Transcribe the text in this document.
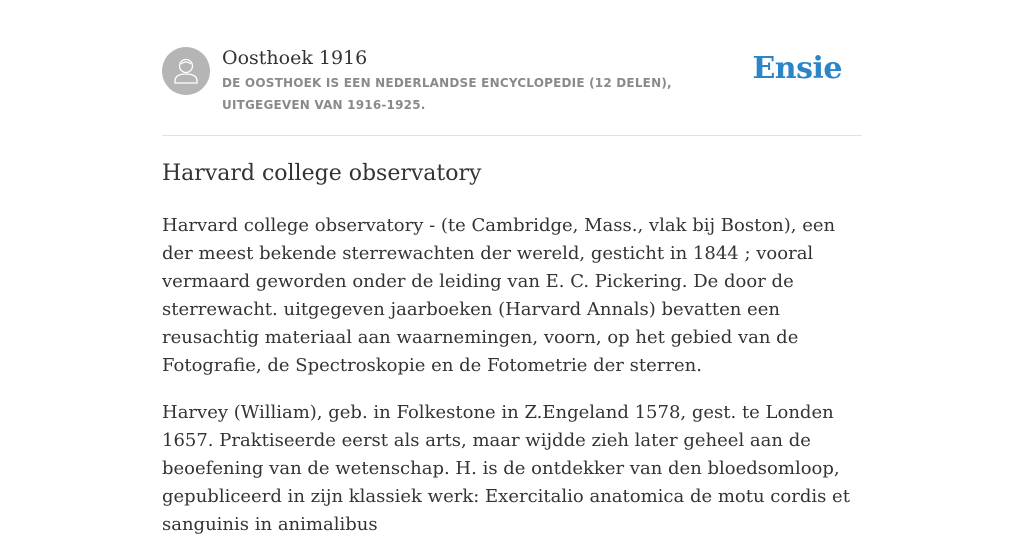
Oosthoek 1916
DE OOSTHOEK IS EEN NEDERLANDSE ENCYCLOPEDIE (12 DELEN), UITGEGEVEN VAN 1916-1925.
Ensie
Harvard college observatory

Harvard college observatory - (te Cambridge, Mass., vlak bij Boston), een der meest bekende sterrewachten der wereld, gesticht in 1844 ; vooral vermaard geworden onder de leiding van E. C. Pickering. De door de sterrewacht. uitgegeven jaarboeken (Harvard Annals) bevatten een reusachtig materiaal aan waarnemingen, voorn, op het gebied van de Fotografie, de Spectroskopie en de Fotometrie der sterren.

Harvey (William), geb. in Folkestone in Z.Engeland 1578, gest. te Londen 1657. Praktiseerde eerst als arts, maar wijdde zieh later geheel aan de beoefening van de wetenschap. H. is de ontdekker van den bloedsomloop, gepubliceerd in zijn klassiek werk: Exercitalio anatomica de motu cordis et sanguinis in animalibus
